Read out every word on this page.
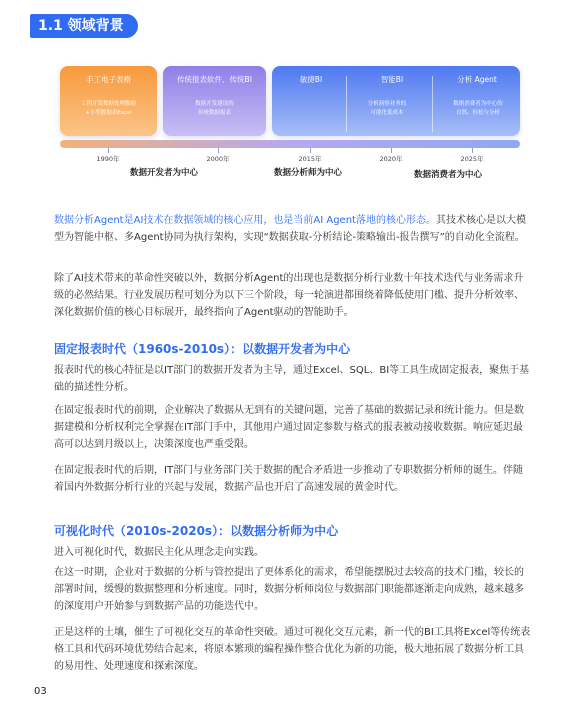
1.1 领域背景
手工电子表格
工程开发数据处理数据
+小型数据表Excel
传统报表软件、传统BI
数据开发建设的
传统数据报表
敏捷BI	智能BI	分析 Agent
分析洞察业务的
可能化低成本
数据消费者为中心的
自然、轻松与分析
1990年	2000年	2015年	2020年	2025年
数据开发者为中心	数据分析师为中心	数据消费者为中心

数据分析Agent是AI技术在数据领域的核心应用，也是当前AI Agent落地的核心形态。其技术核心是以大模型为智能中枢、多Agent协同为执行架构，实现“数据获取-分析结论-策略输出-报告撰写”的自动化全流程。

除了AI技术带来的革命性突破以外，数据分析Agent的出现也是数据分析行业数十年技术迭代与业务需求升级的必然结果。行业发展历程可划分为以下三个阶段，每一轮演进都围绕着降低使用门槛、提升分析效率、深化数据价值的核心目标展开，最终指向了Agent驱动的智能助手。

固定报表时代（1960s-2010s）：以数据开发者为中心

报表时代的核心特征是以IT部门的数据开发者为主导，通过Excel、SQL、BI等工具生成固定报表，聚焦于基础的描述性分析。

在固定报表时代的前期，企业解决了数据从无到有的关键问题，完善了基础的数据记录和统计能力。但是数据建模和分析权利完全掌握在IT部门手中，其他用户通过固定参数与格式的报表被动接收数据。响应延迟最高可以达到月级以上，决策深度也严重受限。

在固定报表时代的后期，IT部门与业务部门关于数据的配合矛盾进一步推动了专职数据分析师的诞生。伴随着国内外数据分析行业的兴起与发展，数据产品也开启了高速发展的黄金时代。

可视化时代（2010s-2020s）：以数据分析师为中心

进入可视化时代，数据民主化从理念走向实践。

在这一时期，企业对于数据的分析与管控提出了更体系化的需求，希望能摆脱过去较高的技术门槛，较长的部署时间，缓慢的数据整理和分析速度。同时，数据分析师岗位与数据部门职能都逐渐走向成熟，越来越多的深度用户开始参与到数据产品的功能迭代中。

正是这样的土壤，催生了可视化交互的革命性突破。通过可视化交互元素，新一代的BI工具将Excel等传统表格工具和代码环境优势结合起来，将原本繁琐的编程操作整合优化为新的功能，极大地拓展了数据分析工具的易用性、处理速度和探索深度。

03
